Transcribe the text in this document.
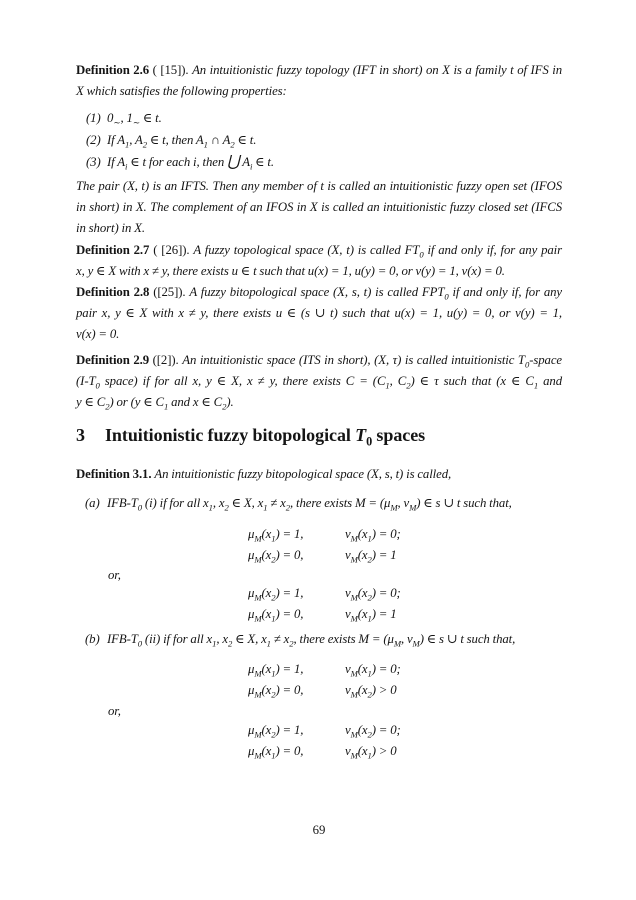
Definition 2.6 ( [15]). An intuitionistic fuzzy topology (IFT in short) on X is a family t of IFS in
X which satisfies the following properties:
(1) $0_\sim$, $1_\sim$ ∈ t.
(2) If $A_1$, $A_2$ ∈ t, then $A_1$ ∩ $A_2$ ∈ t.
(3) If $A_i$ ∈ t for each i, then ⋃ $A_i$ ∈ t.
The pair (X, t) is an IFTS. Then any member of t is called an intuitionistic fuzzy open set (IFOS
in short) in X. The complement of an IFOS in X is called an intuitionistic fuzzy closed set (IFCS
in short) in X.
Definition 2.7 ( [26]). A fuzzy topological space (X, t) is called $FT_0$ if and only if, for any pair
x, y ∈ X with x ≠ y, there exists u ∈ t such that u(x) = 1, u(y) = 0, or v(y) = 1, v(x) = 0.
Definition 2.8 ([25]). A fuzzy bitopological space (X, s, t) is called $FPT_0$ if and only if, for any
pair x, y ∈ X with x ≠ y, there exists u ∈ (s ∪ t) such that u(x) = 1, u(y) = 0, or v(y) = 1,
v(x) = 0.
Definition 2.9 ([2]). An intuitionistic space (ITS in short), (X, τ) is called intuitionistic $T_0$-space
($I-T_0$ space) if for all x, y ∈ X, x ≠ y, there exists $C = (C_1$, $C_2$) ∈ τ such that (x ∈ $C_1$ and
y ∈ $C_2$) or (y ∈ $C_1$ and x ∈ $C_2$).
3 Intuitionistic fuzzy bitopological $T_0$ spaces
Definition 3.1. An intuitionistic fuzzy bitopological space (X, s, t) is called,
(a) IFB-$T_0$ (i) if for all $x_1$, $x_2$ ∈ X, $x_1 \ne x_2$, there exists $M = (\mu_M$, $\nu_M$) ∈ s ∪ t such that,
$\mu_M(x_1) = 1$,	$\nu_M(x_1) = 0$;
$\mu_M(x_2) = 0$,	$\nu_M(x_2) = 1$
or,
$\mu_M(x_2) = 1$,	$\nu_M(x_2) = 0$;
$\mu_M(x_1) = 0$,	$\nu_M(x_1) = 1$
(b) IFB-$T_0$ (ii) if for all $x_1$, $x_2$ ∈ X, $x_1 \ne x_2$, there exists $M = (\mu_M$, $\nu_M$) ∈ s ∪ t such that,
$\mu_M(x_1) = 1$,	$\nu_M(x_1) = 0$;
$\mu_M(x_2) = 0$,	$\nu_M(x_2) > 0$
or,
$\mu_M(x_2) = 1$,	$\nu_M(x_2) = 0$;
$\mu_M(x_1) = 0$,	$\nu_M(x_1) > 0$
69
